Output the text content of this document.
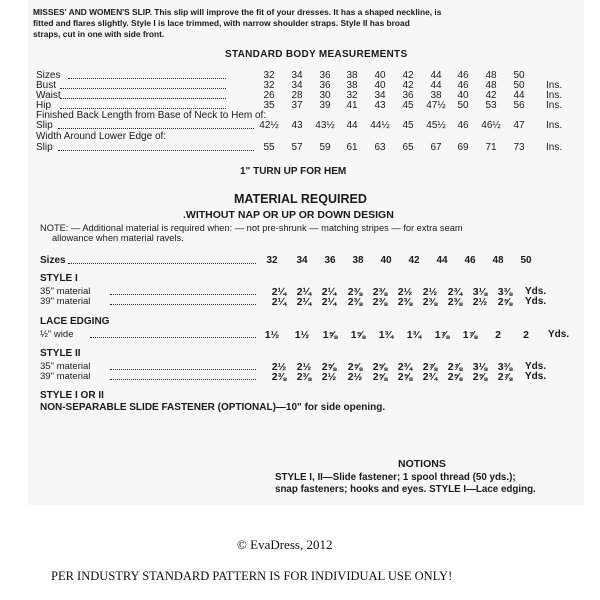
MISSES' AND WOMEN'S SLIP. This slip will improve the fit of your dresses. It has a shaped neckline, is
fitted and flares slightly. Style I is lace trimmed, with narrow shoulder straps. Style II has broad
straps, cut in one with side front.
STANDARD BODY MEASUREMENTS
Sizes	32	34	36	38	40	42	44	46	48	50
Bust	32	34	36	38	40	42	44	46	48	50	Ins.
Waist	26	28	30	32	34	36	38	40	42	44	Ins.
Hip	35	37	39	41	43	45	47½	50	53	56	Ins.
Finished Back Length from Base of Neck to Hem of:
Slip	42½	43	43½	44	44½	45	45½	46	46½	47	Ins.
Width Around Lower Edge of:
Slip	55	57	59	61	63	65	67	69	71	73	Ins.
1" TURN UP FOR HEM
MATERIAL REQUIRED
.WITHOUT NAP OR UP OR DOWN DESIGN
NOTE: — Additional material is required when: — not pre-shrunk — matching stripes — for extra seam
allowance when material ravels.
Sizes	32	34	36	38	40	42	44	46	48	50
STYLE I
35" material	2¼ 2¼ 2¼	2⅜ 2⅜ 2½ 2½ 2¾ 3⅛ 3⅜	Yds.
39" material	2¼ 2¼ 2¼	2⅜ 2⅜ 2⅜ 2⅜ 2⅜ 2½ 2⅝	Yds.
LACE EDGING
½" wide	1½	1½	1⅝	1⅝	1¾	1¾	1⅞	1⅞	2	2	Yds.
STYLE II
35" material	2½ 2½ 2⅝	2⅝ 2⅝ 2¾ 2⅞ 2⅞ 3⅛ 3⅜	Yds.
39" material	2⅜ 2⅜ 2½	2½ 2⅝ 2⅝ 2¾ 2⅝ 2⅝ 2⅞	Yds.
STYLE I OR II
NON-SEPARABLE SLIDE FASTENER (OPTIONAL)—10" for side opening.
NOTIONS
STYLE I, II—Slide fastener; 1 spool thread (50 yds.);
snap fasteners; hooks and eyes. STYLE I—Lace edging.
© EvaDress, 2012
PER INDUSTRY STANDARD PATTERN IS FOR INDIVIDUAL USE ONLY!
